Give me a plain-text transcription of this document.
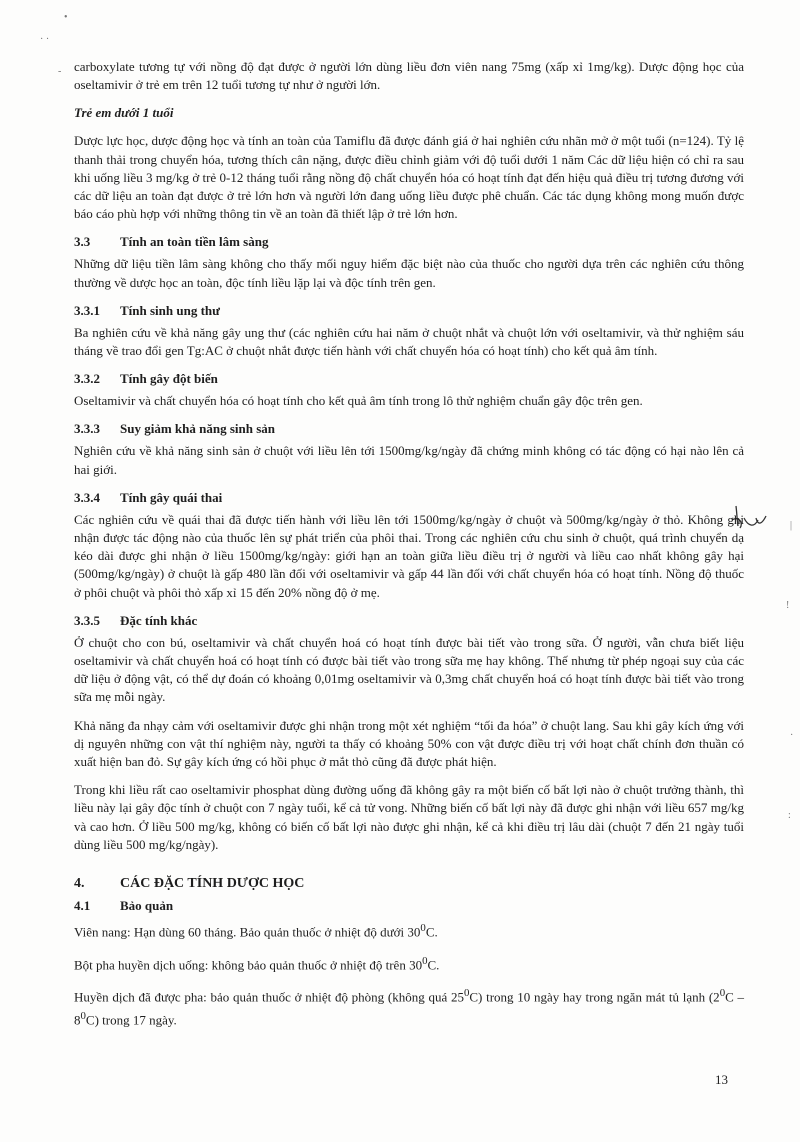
•
· ·
-
|
!
·
:

carboxylate tương tự với nồng độ đạt được ở người lớn dùng liều đơn viên nang 75mg (xấp xỉ 1mg/kg). Dược động học của oseltamivir ở trẻ em trên 12 tuổi tương tự như ở người lớn.

Trẻ em dưới 1 tuổi

Dược lực học, dược động học và tính an toàn của Tamiflu đã được đánh giá ở hai nghiên cứu nhãn mở ở một tuổi (n=124). Tỷ lệ thanh thải trong chuyển hóa, tương thích cân nặng, được điều chỉnh giảm với độ tuổi dưới 1 năm Các dữ liệu hiện có chỉ ra sau khi uống liều 3 mg/kg ở trẻ 0-12 tháng tuổi rằng nồng độ chất chuyển hóa có hoạt tính đạt đến hiệu quả điều trị tương đương với các dữ liệu an toàn đạt được ở trẻ lớn hơn và người lớn đang uống liều được phê chuẩn. Các tác dụng không mong muốn được báo cáo phù hợp với những thông tin về an toàn đã thiết lập ở trẻ lớn hơn.

3.3	Tính an toàn tiền lâm sàng

Những dữ liệu tiền lâm sàng không cho thấy mối nguy hiểm đặc biệt nào của thuốc cho người dựa trên các nghiên cứu thông thường về dược học an toàn, độc tính liều lặp lại và độc tính trên gen.

3.3.1	Tính sinh ung thư

Ba nghiên cứu về khả năng gây ung thư (các nghiên cứu hai năm ở chuột nhắt và chuột lớn với oseltamivir, và thử nghiệm sáu tháng về trao đổi gen Tg:AC ở chuột nhắt được tiến hành với chất chuyển hóa có hoạt tính) cho kết quả âm tính.

3.3.2	Tính gây đột biến

Oseltamivir và chất chuyển hóa có hoạt tính cho kết quả âm tính trong lô thử nghiệm chuẩn gây độc trên gen.

3.3.3	Suy giảm khả năng sinh sản

Nghiên cứu về khả năng sinh sản ở chuột với liều lên tới 1500mg/kg/ngày đã chứng minh không có tác động có hại nào lên cả hai giới.

3.3.4	Tính gây quái thai

Các nghiên cứu về quái thai đã được tiến hành với liều lên tới 1500mg/kg/ngày ở chuột và 500mg/kg/ngày ở thỏ. Không ghi nhận được tác động nào của thuốc lên sự phát triển của phôi thai. Trong các nghiên cứu chu sinh ở chuột, quá trình chuyển dạ kéo dài được ghi nhận ở liều 1500mg/kg/ngày: giới hạn an toàn giữa liều điều trị ở người và liều cao nhất không gây hại (500mg/kg/ngày) ở chuột là gấp 480 lần đối với oseltamivir và gấp 44 lần đối với chất chuyển hóa có hoạt tính. Nồng độ thuốc ở phôi chuột và phôi thỏ xấp xỉ 15 đến 20% nồng độ ở mẹ.

3.3.5	Đặc tính khác

Ở chuột cho con bú, oseltamivir và chất chuyển hoá có hoạt tính được bài tiết vào trong sữa. Ở người, vẫn chưa biết liệu oseltamivir và chất chuyển hoá có hoạt tính có được bài tiết vào trong sữa mẹ hay không. Thế nhưng từ phép ngoại suy của các dữ liệu ở động vật, có thể dự đoán có khoảng 0,01mg oseltamivir và 0,3mg chất chuyển hoá có hoạt tính được bài tiết vào trong sữa mẹ mỗi ngày.

Khả năng đa nhạy cảm với oseltamivir được ghi nhận trong một xét nghiệm “tối đa hóa” ở chuột lang. Sau khi gây kích ứng với dị nguyên những con vật thí nghiệm này, người ta thấy có khoảng 50% con vật được điều trị với hoạt chất chính đơn thuần có xuất hiện ban đỏ. Sự gây kích ứng có hồi phục ở mắt thỏ cũng đã được phát hiện.

Trong khi liều rất cao oseltamivir phosphat dùng đường uống đã không gây ra một biến cố bất lợi nào ở chuột trưởng thành, thì liều này lại gây độc tính ở chuột con 7 ngày tuổi, kể cả tử vong. Những biến cố bất lợi này đã được ghi nhận với liều 657 mg/kg và cao hơn. Ở liều 500 mg/kg, không có biến cố bất lợi nào được ghi nhận, kể cả khi điều trị lâu dài (chuột 7 đến 21 ngày tuổi dùng liều 500 mg/kg/ngày).

4.	CÁC ĐẶC TÍNH DƯỢC HỌC
4.1	Bảo quản

Viên nang: Hạn dùng 60 tháng. Bảo quản thuốc ở nhiệt độ dưới $30^0C$.

Bột pha huyền dịch uống: không bảo quản thuốc ở nhiệt độ trên $30^0C$.

Huyền dịch đã được pha: bảo quản thuốc ở nhiệt độ phòng (không quá $25^0C$) trong 10 ngày hay trong ngăn mát tủ lạnh $(2^0C - 8^0C)$ trong 17 ngày.

13
